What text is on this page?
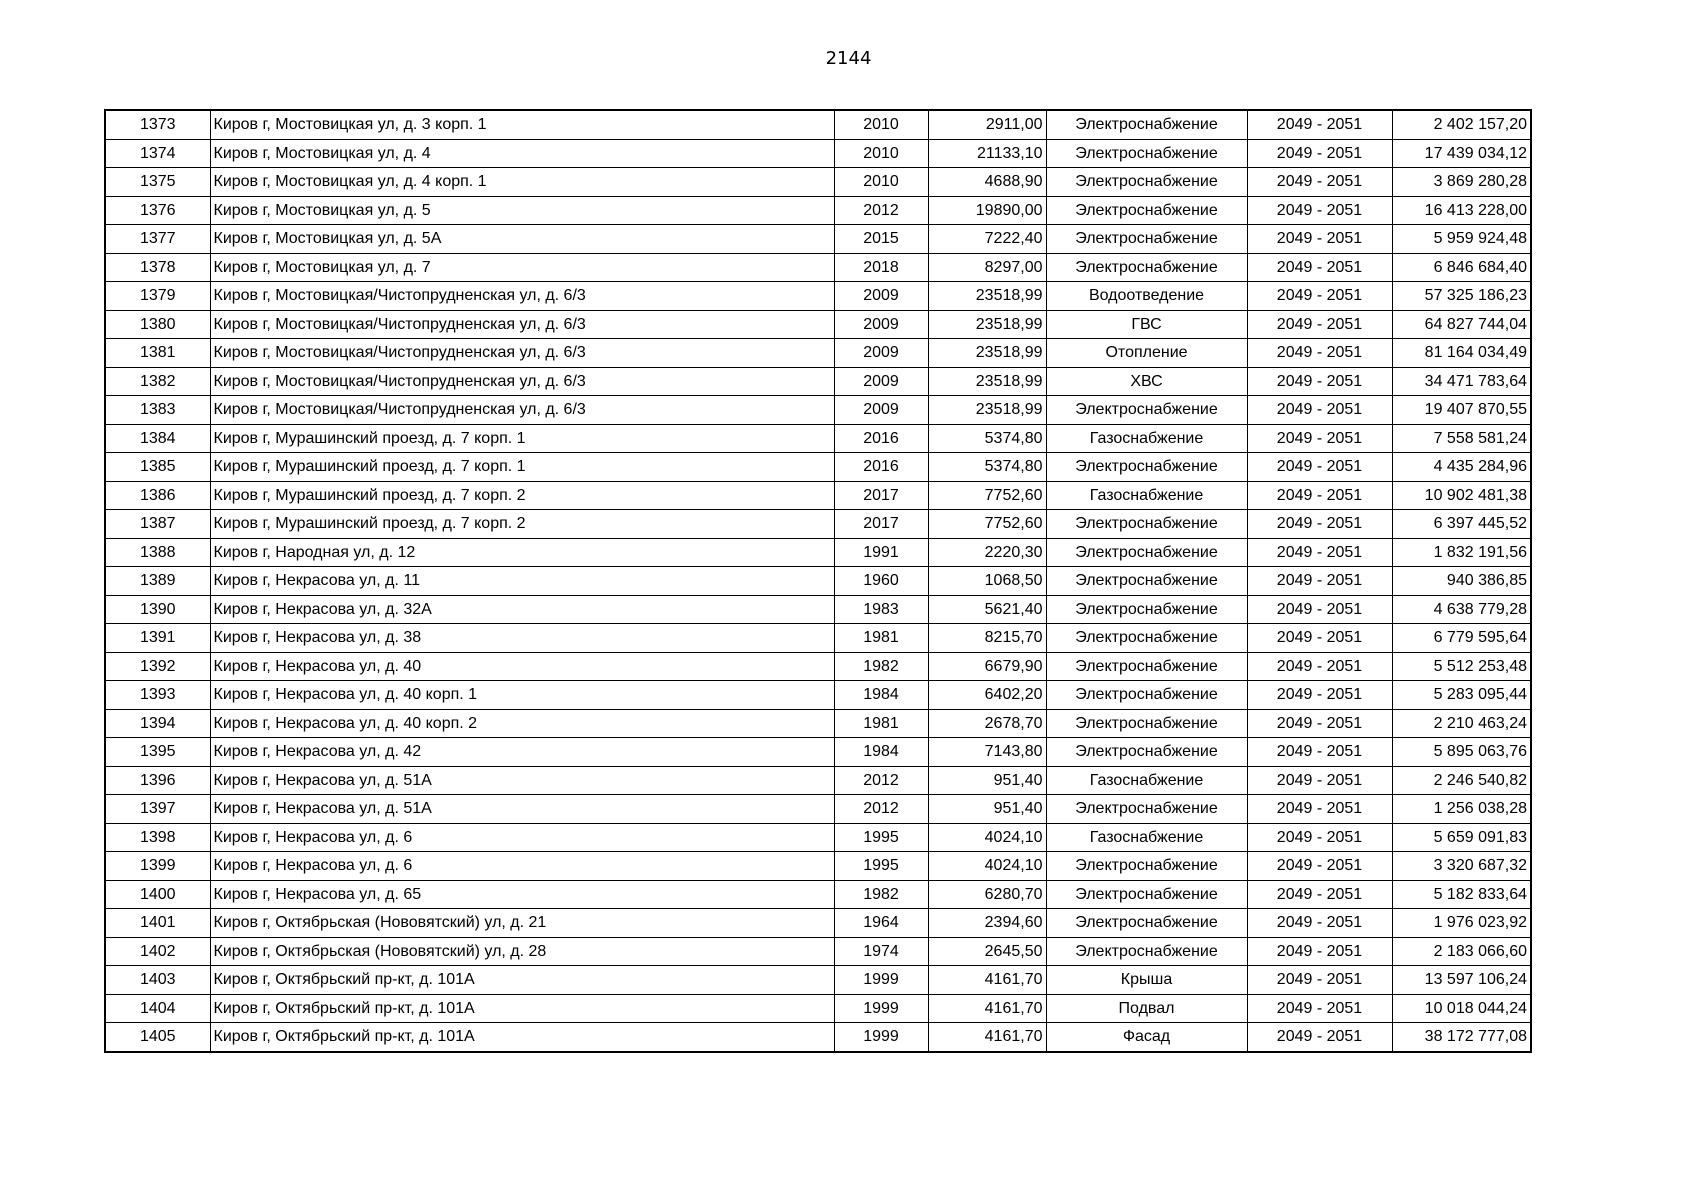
2144
1373	Киров г, Мостовицкая ул, д. 3 корп. 1	2010	2911,00	Электроснабжение	2049 - 2051	2 402 157,20
1374	Киров г, Мостовицкая ул, д. 4	2010	21133,10	Электроснабжение	2049 - 2051	17 439 034,12
1375	Киров г, Мостовицкая ул, д. 4 корп. 1	2010	4688,90	Электроснабжение	2049 - 2051	3 869 280,28
1376	Киров г, Мостовицкая ул, д. 5	2012	19890,00	Электроснабжение	2049 - 2051	16 413 228,00
1377	Киров г, Мостовицкая ул, д. 5А	2015	7222,40	Электроснабжение	2049 - 2051	5 959 924,48
1378	Киров г, Мостовицкая ул, д. 7	2018	8297,00	Электроснабжение	2049 - 2051	6 846 684,40
1379	Киров г, Мостовицкая/Чистопрудненская ул, д. 6/3	2009	23518,99	Водоотведение	2049 - 2051	57 325 186,23
1380	Киров г, Мостовицкая/Чистопрудненская ул, д. 6/3	2009	23518,99	ГВС	2049 - 2051	64 827 744,04
1381	Киров г, Мостовицкая/Чистопрудненская ул, д. 6/3	2009	23518,99	Отопление	2049 - 2051	81 164 034,49
1382	Киров г, Мостовицкая/Чистопрудненская ул, д. 6/3	2009	23518,99	ХВС	2049 - 2051	34 471 783,64
1383	Киров г, Мостовицкая/Чистопрудненская ул, д. 6/3	2009	23518,99	Электроснабжение	2049 - 2051	19 407 870,55
1384	Киров г, Мурашинский проезд, д. 7 корп. 1	2016	5374,80	Газоснабжение	2049 - 2051	7 558 581,24
1385	Киров г, Мурашинский проезд, д. 7 корп. 1	2016	5374,80	Электроснабжение	2049 - 2051	4 435 284,96
1386	Киров г, Мурашинский проезд, д. 7 корп. 2	2017	7752,60	Газоснабжение	2049 - 2051	10 902 481,38
1387	Киров г, Мурашинский проезд, д. 7 корп. 2	2017	7752,60	Электроснабжение	2049 - 2051	6 397 445,52
1388	Киров г, Народная ул, д. 12	1991	2220,30	Электроснабжение	2049 - 2051	1 832 191,56
1389	Киров г, Некрасова ул, д. 11	1960	1068,50	Электроснабжение	2049 - 2051	940 386,85
1390	Киров г, Некрасова ул, д. 32А	1983	5621,40	Электроснабжение	2049 - 2051	4 638 779,28
1391	Киров г, Некрасова ул, д. 38	1981	8215,70	Электроснабжение	2049 - 2051	6 779 595,64
1392	Киров г, Некрасова ул, д. 40	1982	6679,90	Электроснабжение	2049 - 2051	5 512 253,48
1393	Киров г, Некрасова ул, д. 40 корп. 1	1984	6402,20	Электроснабжение	2049 - 2051	5 283 095,44
1394	Киров г, Некрасова ул, д. 40 корп. 2	1981	2678,70	Электроснабжение	2049 - 2051	2 210 463,24
1395	Киров г, Некрасова ул, д. 42	1984	7143,80	Электроснабжение	2049 - 2051	5 895 063,76
1396	Киров г, Некрасова ул, д. 51А	2012	951,40	Газоснабжение	2049 - 2051	2 246 540,82
1397	Киров г, Некрасова ул, д. 51А	2012	951,40	Электроснабжение	2049 - 2051	1 256 038,28
1398	Киров г, Некрасова ул, д. 6	1995	4024,10	Газоснабжение	2049 - 2051	5 659 091,83
1399	Киров г, Некрасова ул, д. 6	1995	4024,10	Электроснабжение	2049 - 2051	3 320 687,32
1400	Киров г, Некрасова ул, д. 65	1982	6280,70	Электроснабжение	2049 - 2051	5 182 833,64
1401	Киров г, Октябрьская (Нововятский) ул, д. 21	1964	2394,60	Электроснабжение	2049 - 2051	1 976 023,92
1402	Киров г, Октябрьская (Нововятский) ул, д. 28	1974	2645,50	Электроснабжение	2049 - 2051	2 183 066,60
1403	Киров г, Октябрьский пр-кт, д. 101А	1999	4161,70	Крыша	2049 - 2051	13 597 106,24
1404	Киров г, Октябрьский пр-кт, д. 101А	1999	4161,70	Подвал	2049 - 2051	10 018 044,24
1405	Киров г, Октябрьский пр-кт, д. 101А	1999	4161,70	Фасад	2049 - 2051	38 172 777,08
